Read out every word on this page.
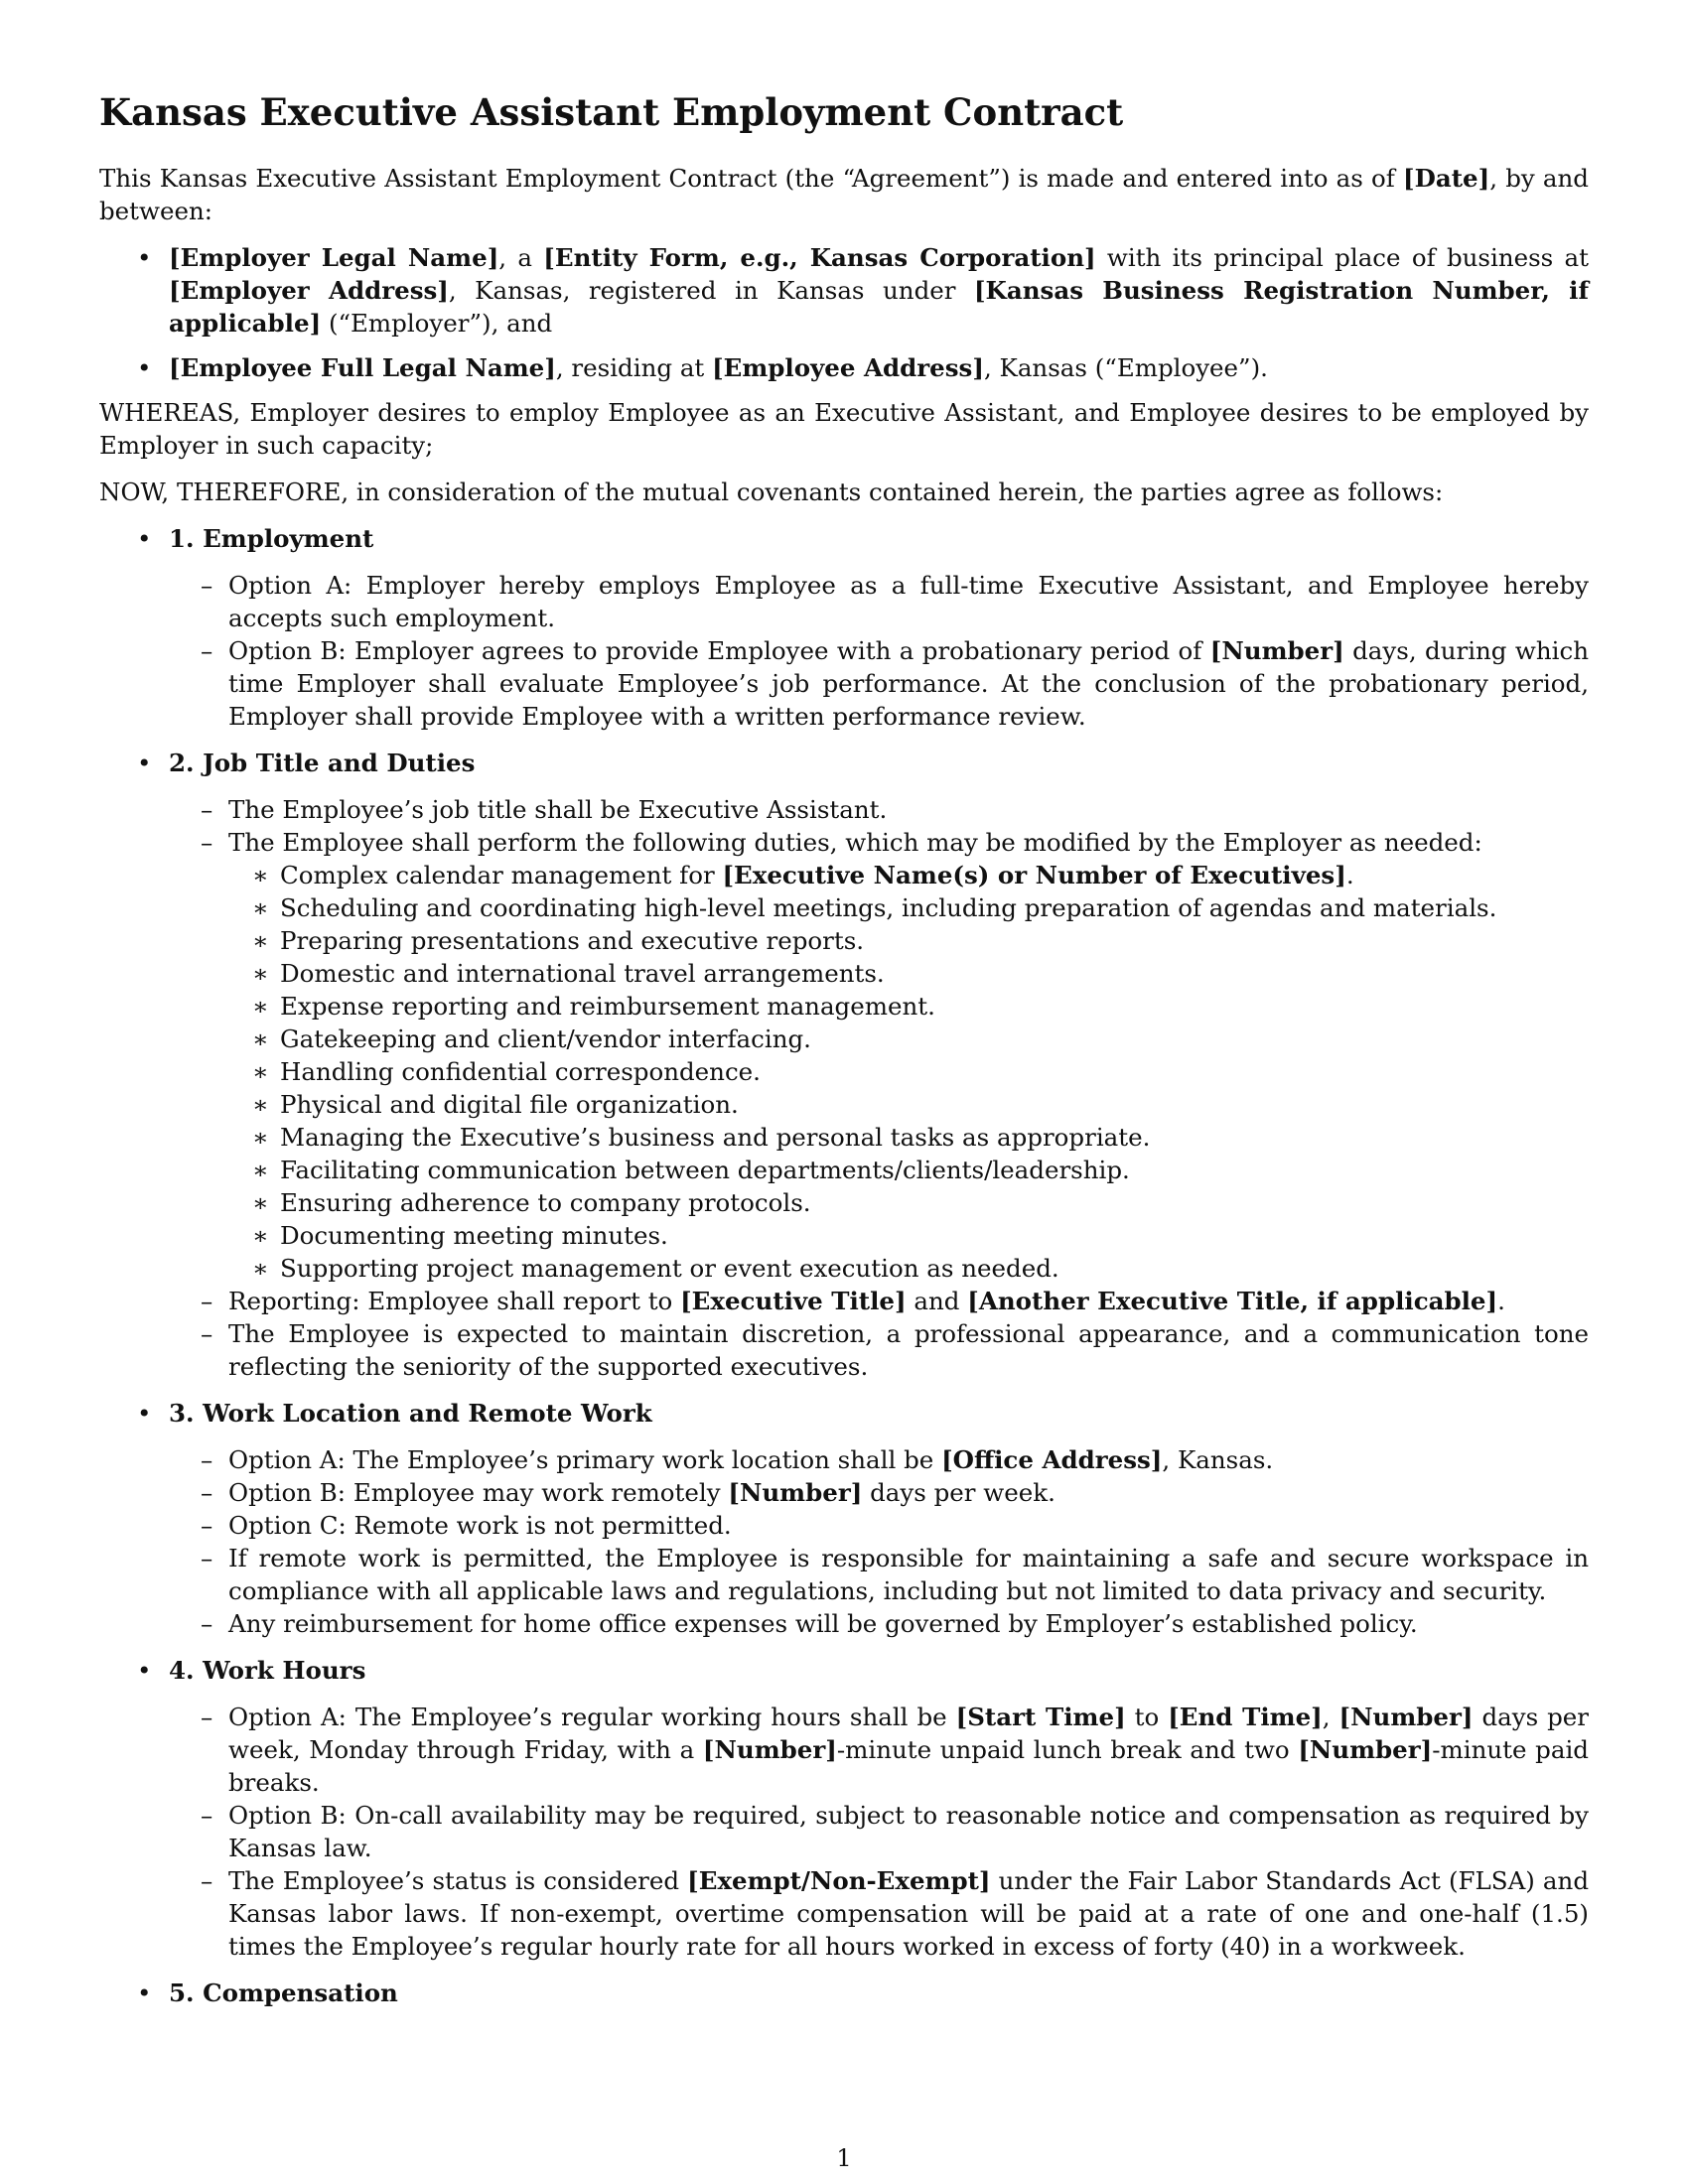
Kansas Executive Assistant Employment Contract

This Kansas Executive Assistant Employment Contract (the “Agreement”) is made and entered into as of [Date], by and between:

• [Employer Legal Name], a [Entity Form, e.g., Kansas Corporation] with its principal place of business at [Employer Address], Kansas, registered in Kansas under [Kansas Business Registration Number, if applicable] (“Employer”), and
• [Employee Full Legal Name], residing at [Employee Address], Kansas (“Employee”).

WHEREAS, Employer desires to employ Employee as an Executive Assistant, and Employee desires to be employed by Employer in such capacity;

NOW, THEREFORE, in consideration of the mutual covenants contained herein, the parties agree as follows:

• 1. Employment
– Option A: Employer hereby employs Employee as a full-time Executive Assistant, and Employee hereby accepts such employment.
– Option B: Employer agrees to provide Employee with a probationary period of [Number] days, during which time Employer shall evaluate Employee’s job performance. At the conclusion of the probationary period, Employer shall provide Employee with a written performance review.
• 2. Job Title and Duties
– The Employee’s job title shall be Executive Assistant.
– The Employee shall perform the following duties, which may be modified by the Employer as needed:
∗ Complex calendar management for [Executive Name(s) or Number of Executives].
∗ Scheduling and coordinating high-level meetings, including preparation of agendas and materials.
∗ Preparing presentations and executive reports.
∗ Domestic and international travel arrangements.
∗ Expense reporting and reimbursement management.
∗ Gatekeeping and client/vendor interfacing.
∗ Handling confidential correspondence.
∗ Physical and digital file organization.
∗ Managing the Executive’s business and personal tasks as appropriate.
∗ Facilitating communication between departments/clients/leadership.
∗ Ensuring adherence to company protocols.
∗ Documenting meeting minutes.
∗ Supporting project management or event execution as needed.
– Reporting: Employee shall report to [Executive Title] and [Another Executive Title, if applicable].
– The Employee is expected to maintain discretion, a professional appearance, and a communication tone reflecting the seniority of the supported executives.
• 3. Work Location and Remote Work
– Option A: The Employee’s primary work location shall be [Office Address], Kansas.
– Option B: Employee may work remotely [Number] days per week.
– Option C: Remote work is not permitted.
– If remote work is permitted, the Employee is responsible for maintaining a safe and secure workspace in compliance with all applicable laws and regulations, including but not limited to data privacy and security.
– Any reimbursement for home office expenses will be governed by Employer’s established policy.
• 4. Work Hours
– Option A: The Employee’s regular working hours shall be [Start Time] to [End Time], [Number] days per week, Monday through Friday, with a [Number]-minute unpaid lunch break and two [Number]-minute paid breaks.
– Option B: On-call availability may be required, subject to reasonable notice and compensation as required by Kansas law.
– The Employee’s status is considered [Exempt/Non-Exempt] under the Fair Labor Standards Act (FLSA) and Kansas labor laws. If non-exempt, overtime compensation will be paid at a rate of one and one-half (1.5) times the Employee’s regular hourly rate for all hours worked in excess of forty (40) in a workweek.
• 5. Compensation
1
